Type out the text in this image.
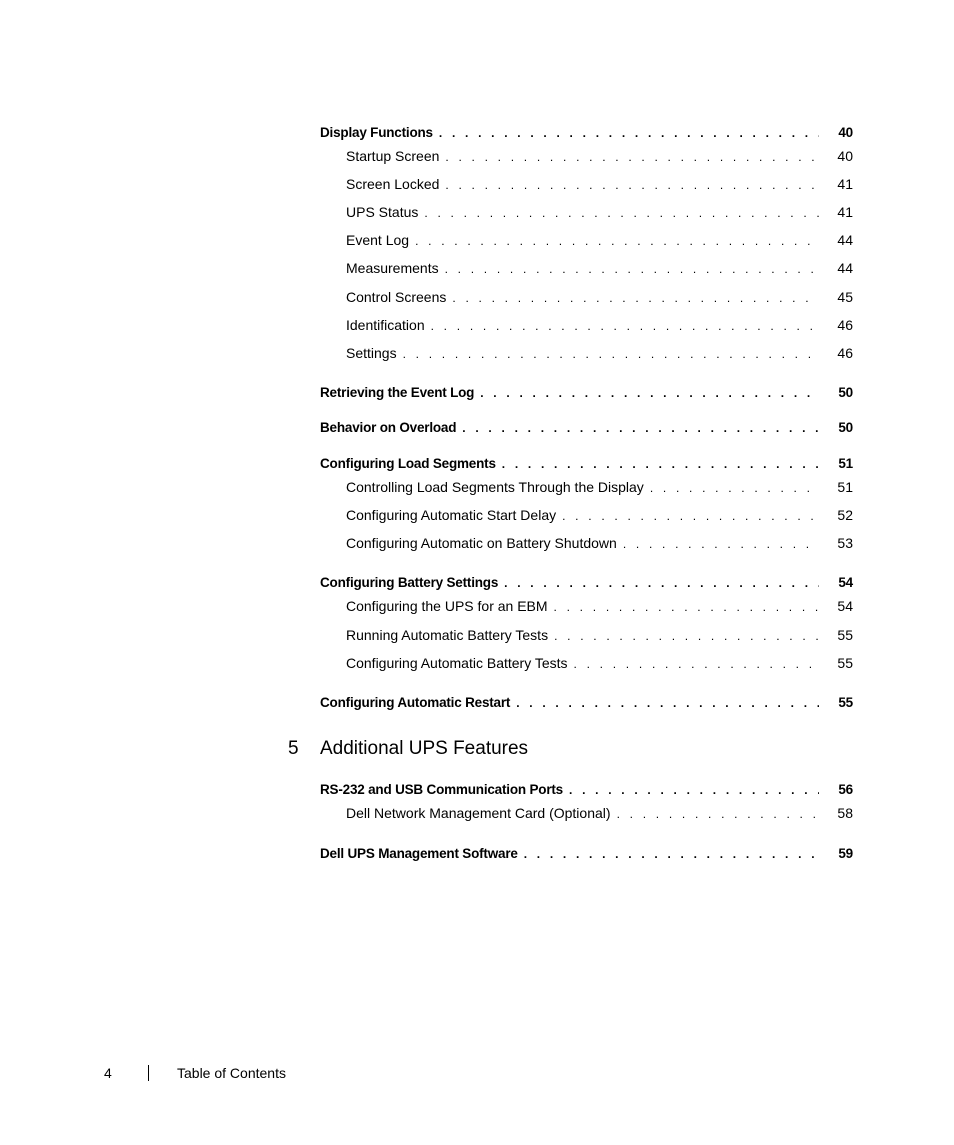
Display Functions . . .	40
Startup Screen . . .	40
Screen Locked . . .	41
UPS Status . . .	41
Event Log . . .	44
Measurements . . .	44
Control Screens . . .	45
Identification . . .	46
Settings . . .	46
Retrieving the Event Log . . .	50
Behavior on Overload . . .	50
Configuring Load Segments . . .	51
Controlling Load Segments Through the Display . . .	51
Configuring Automatic Start Delay . . .	52
Configuring Automatic on Battery Shutdown . . .	53
Configuring Battery Settings . . .	54
Configuring the UPS for an EBM . . .	54
Running Automatic Battery Tests . . .	55
Configuring Automatic Battery Tests . . .	55
Configuring Automatic Restart . . .	55
5	Additional UPS Features
RS-232 and USB Communication Ports . . .	56
Dell Network Management Card (Optional) . . .	58
Dell UPS Management Software . . .	59
4	Table of Contents
